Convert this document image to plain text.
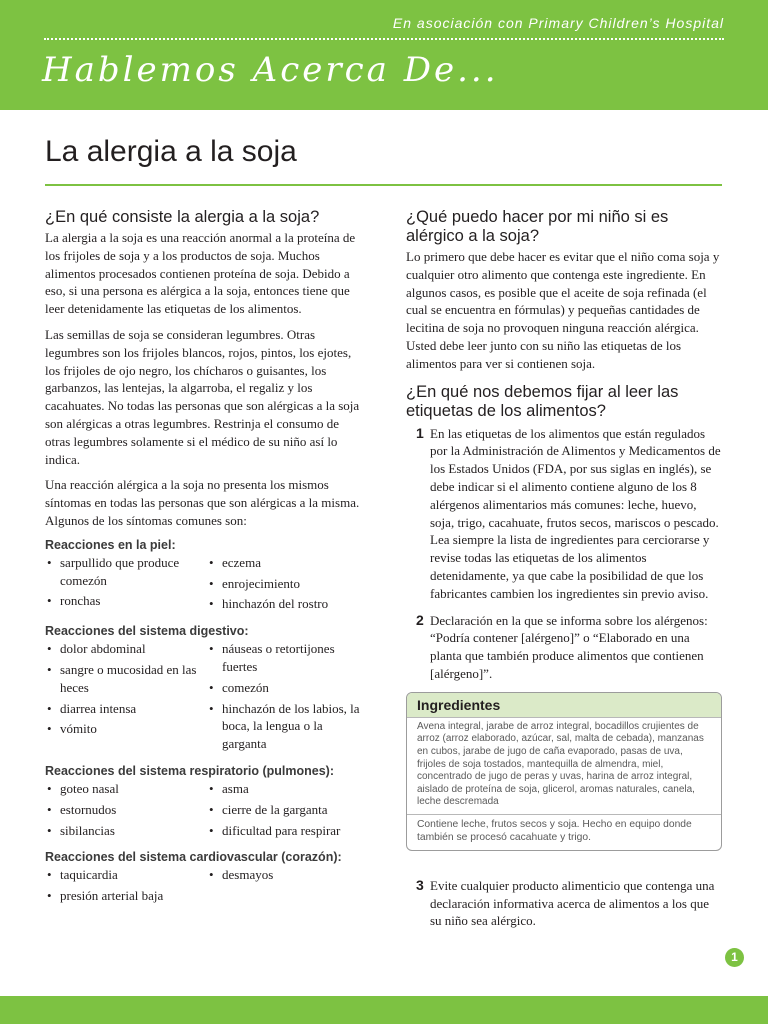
En asociación con Primary Children’s Hospital
Hablemos Acerca De...
La alergia a la soja
¿En qué consiste la alergia a la soja?

La alergia a la soja es una reacción anormal a la proteína de los frijoles de soja y a los productos de soja. Muchos alimentos procesados contienen proteína de soja. Debido a eso, si una persona es alérgica a la soja, entonces tiene que leer detenidamente las etiquetas de los alimentos.

Las semillas de soja se consideran legumbres. Otras legumbres son los frijoles blancos, rojos, pintos, los ejotes, los frijoles de ojo negro, los chícharos o guisantes, los garbanzos, las lentejas, la algarroba, el regaliz y los cacahuates. No todas las personas que son alérgicas a la soja son alérgicas a otras legumbres. Restrinja el consumo de otras legumbres solamente si el médico de su niño así lo indica.

Una reacción alérgica a la soja no presenta los mismos síntomas en todas las personas que son alérgicas a la misma. Algunos de los síntomas comunes son:

Reacciones en la piel:
• sarpullido que produce comezón
• ronchas
• eczema
• enrojecimiento
• hinchazón del rostro
Reacciones del sistema digestivo:
• dolor abdominal
• sangre o mucosidad en las heces
• diarrea intensa
• vómito
• náuseas o retortijones fuertes
• comezón
• hinchazón de los labios, la boca, la lengua o la garganta
Reacciones del sistema respiratorio (pulmones):
• goteo nasal
• estornudos
• sibilancias
• asma
• cierre de la garganta
• dificultad para respirar
Reacciones del sistema cardiovascular (corazón):
• taquicardia
• presión arterial baja
• desmayos
¿Qué puedo hacer por mi niño si es alérgico a la soja?

Lo primero que debe hacer es evitar que el niño coma soja y cualquier otro alimento que contenga este ingrediente. En algunos casos, es posible que el aceite de soja refinada (el cual se encuentra en fórmulas) y pequeñas cantidades de lecitina de soja no provoquen ninguna reacción alérgica. Usted debe leer junto con su niño las etiquetas de los alimentos para ver si contienen soja.

¿En qué nos debemos fijar al leer las etiquetas de los alimentos?
1 En las etiquetas de los alimentos que están regulados por la Administración de Alimentos y Medicamentos de los Estados Unidos (FDA, por sus siglas en inglés), se debe indicar si el alimento contiene alguno de los 8 alérgenos alimentarios más comunes: leche, huevo, soja, trigo, cacahuate, frutos secos, mariscos o pescado. Lea siempre la lista de ingredientes para cerciorarse y revise todas las etiquetas de los alimentos detenidamente, ya que cabe la posibilidad de que los fabricantes cambien los ingredientes sin previo aviso.

2 Declaración en la que se informa sobre los alérgenos: “Podría contener [alérgeno]” o “Elaborado en una planta que también produce alimentos que contienen [alérgeno]”.

Ingredientes
Avena integral, jarabe de arroz integral, bocadillos crujientes de arroz (arroz elaborado, azúcar, sal, malta de cebada), manzanas en cubos, jarabe de jugo de caña evaporado, pasas de uva, frijoles de soja tostados, mantequilla de almendra, miel, concentrado de jugo de peras y uvas, harina de arroz integral, aislado de proteína de soja, glicerol, aromas naturales, canela, leche descremada
Contiene leche, frutos secos y soja. Hecho en equipo donde también se procesó cacahuate y trigo.
3 Evite cualquier producto alimenticio que contenga una declaración informativa acerca de alimentos a los que su niño sea alérgico.

1
